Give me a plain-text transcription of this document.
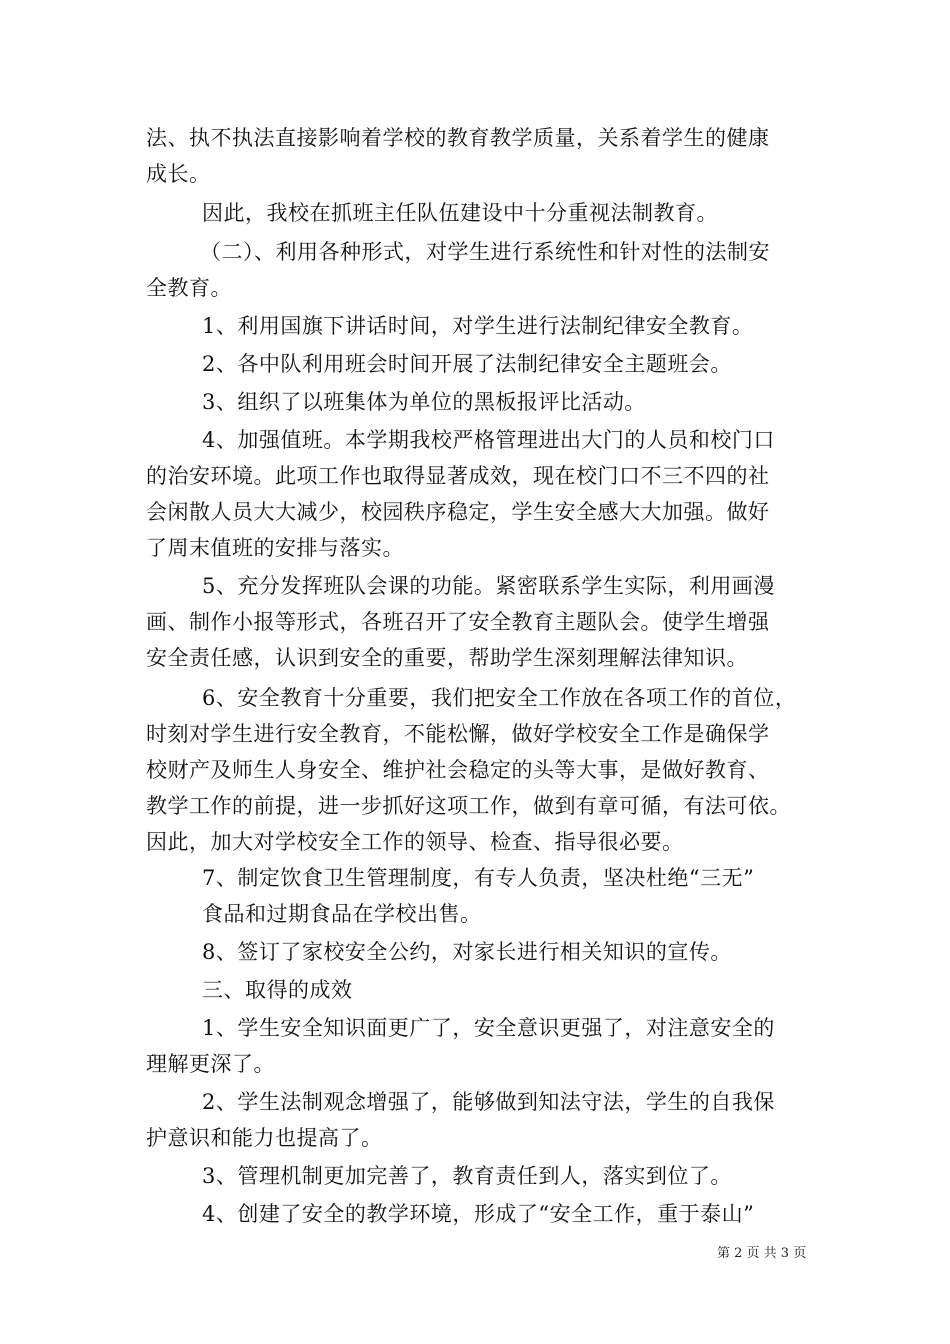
法、执不执法直接影响着学校的教育教学质量，关系着学生的健康
成长。
因此，我校在抓班主任队伍建设中十分重视法制教育。
（二）、利用各种形式，对学生进行系统性和针对性的法制安
全教育。
1、利用国旗下讲话时间，对学生进行法制纪律安全教育。
2、各中队利用班会时间开展了法制纪律安全主题班会。
3、组织了以班集体为单位的黑板报评比活动。
4、加强值班。本学期我校严格管理进出大门的人员和校门口
的治安环境。此项工作也取得显著成效，现在校门口不三不四的社
会闲散人员大大减少，校园秩序稳定，学生安全感大大加强。做好
了周末值班的安排与落实。
5、充分发挥班队会课的功能。紧密联系学生实际，利用画漫
画、制作小报等形式，各班召开了安全教育主题队会。使学生增强
安全责任感，认识到安全的重要，帮助学生深刻理解法律知识。
6、安全教育十分重要，我们把安全工作放在各项工作的首位，
时刻对学生进行安全教育，不能松懈，做好学校安全工作是确保学
校财产及师生人身安全、维护社会稳定的头等大事，是做好教育、
教学工作的前提，进一步抓好这项工作，做到有章可循，有法可依。
因此，加大对学校安全工作的领导、检查、指导很必要。
7、制定饮食卫生管理制度，有专人负责，坚决杜绝“三无”
食品和过期食品在学校出售。
8、签订了家校安全公约，对家长进行相关知识的宣传。
三、取得的成效
1、学生安全知识面更广了，安全意识更强了，对注意安全的
理解更深了。
2、学生法制观念增强了，能够做到知法守法，学生的自我保
护意识和能力也提高了。
3、管理机制更加完善了，教育责任到人，落实到位了。
4、创建了安全的教学环境，形成了“安全工作，重于泰山”
第 2 页 共 3 页
